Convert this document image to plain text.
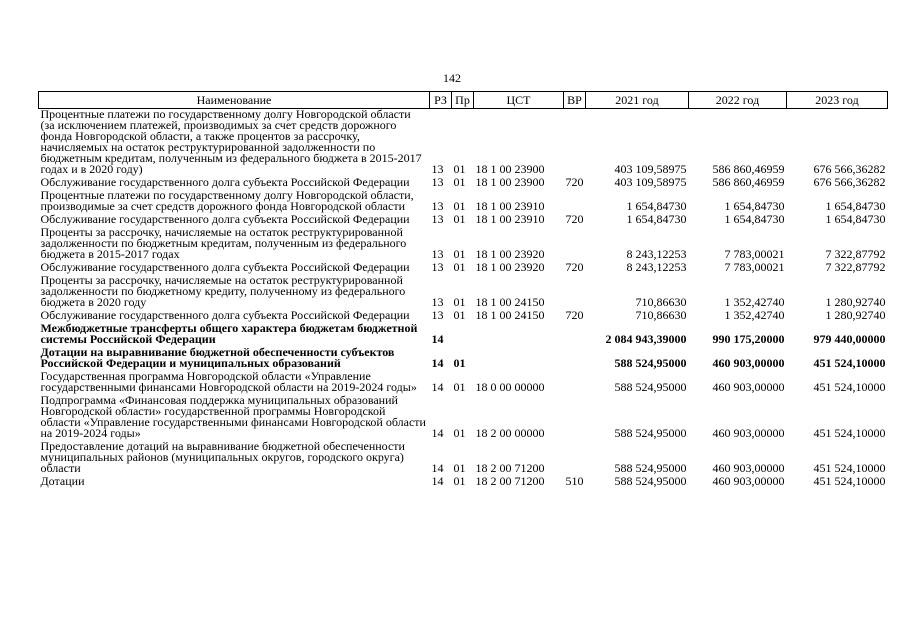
142
Наименование	РЗ	Пр	ЦСТ	ВР	2021 год	2022 год	2023 год
Процентные платежи по государственному долгу Новгородской области (за исключением платежей, производимых за счет средств дорожного фонда Новгородской области, а также процентов за рассрочку, начисляемых на остаток реструктурированной задолженности по бюджетным кредитам, полученным из федерального бюджета в 2015-2017 годах и в 2020 году)	13	01	18 1 00 23900		403 109,58975	586 860,46959	676 566,36282
Обслуживание государственного долга субъекта Российской Федерации	13	01	18 1 00 23900	720	403 109,58975	586 860,46959	676 566,36282
Процентные платежи по государственному долгу Новгородской области, производимые за счет средств дорожного фонда Новгородской области	13	01	18 1 00 23910		1 654,84730	1 654,84730	1 654,84730
Обслуживание государственного долга субъекта Российской Федерации	13	01	18 1 00 23910	720	1 654,84730	1 654,84730	1 654,84730
Проценты за рассрочку, начисляемые на остаток реструктурированной задолженности по бюджетным кредитам, полученным из федерального бюджета в 2015-2017 годах	13	01	18 1 00 23920		8 243,12253	7 783,00021	7 322,87792
Обслуживание государственного долга субъекта Российской Федерации	13	01	18 1 00 23920	720	8 243,12253	7 783,00021	7 322,87792
Проценты за рассрочку, начисляемые на остаток реструктурированной задолженности по бюджетному кредиту, полученному из федерального бюджета в 2020 году	13	01	18 1 00 24150		710,86630	1 352,42740	1 280,92740
Обслуживание государственного долга субъекта Российской Федерации	13	01	18 1 00 24150	720	710,86630	1 352,42740	1 280,92740
Межбюджетные трансферты общего характера бюджетам бюджетной системы Российской Федерации	14				2 084 943,39000	990 175,20000	979 440,00000
Дотации на выравнивание бюджетной обеспеченности субъектов Российской Федерации и муниципальных образований	14	01			588 524,95000	460 903,00000	451 524,10000
Государственная программа Новгородской области «Управление государственными финансами Новгородской области на 2019-2024 годы»	14	01	18 0 00 00000		588 524,95000	460 903,00000	451 524,10000
Подпрограмма «Финансовая поддержка муниципальных образований Новгородской области» государственной программы Новгородской области «Управление государственными финансами Новгородской области на 2019-2024 годы»	14	01	18 2 00 00000		588 524,95000	460 903,00000	451 524,10000
Предоставление дотаций на выравнивание бюджетной обеспеченности муниципальных районов (муниципальных округов, городского округа) области	14	01	18 2 00 71200		588 524,95000	460 903,00000	451 524,10000
Дотации	14	01	18 2 00 71200	510	588 524,95000	460 903,00000	451 524,10000
